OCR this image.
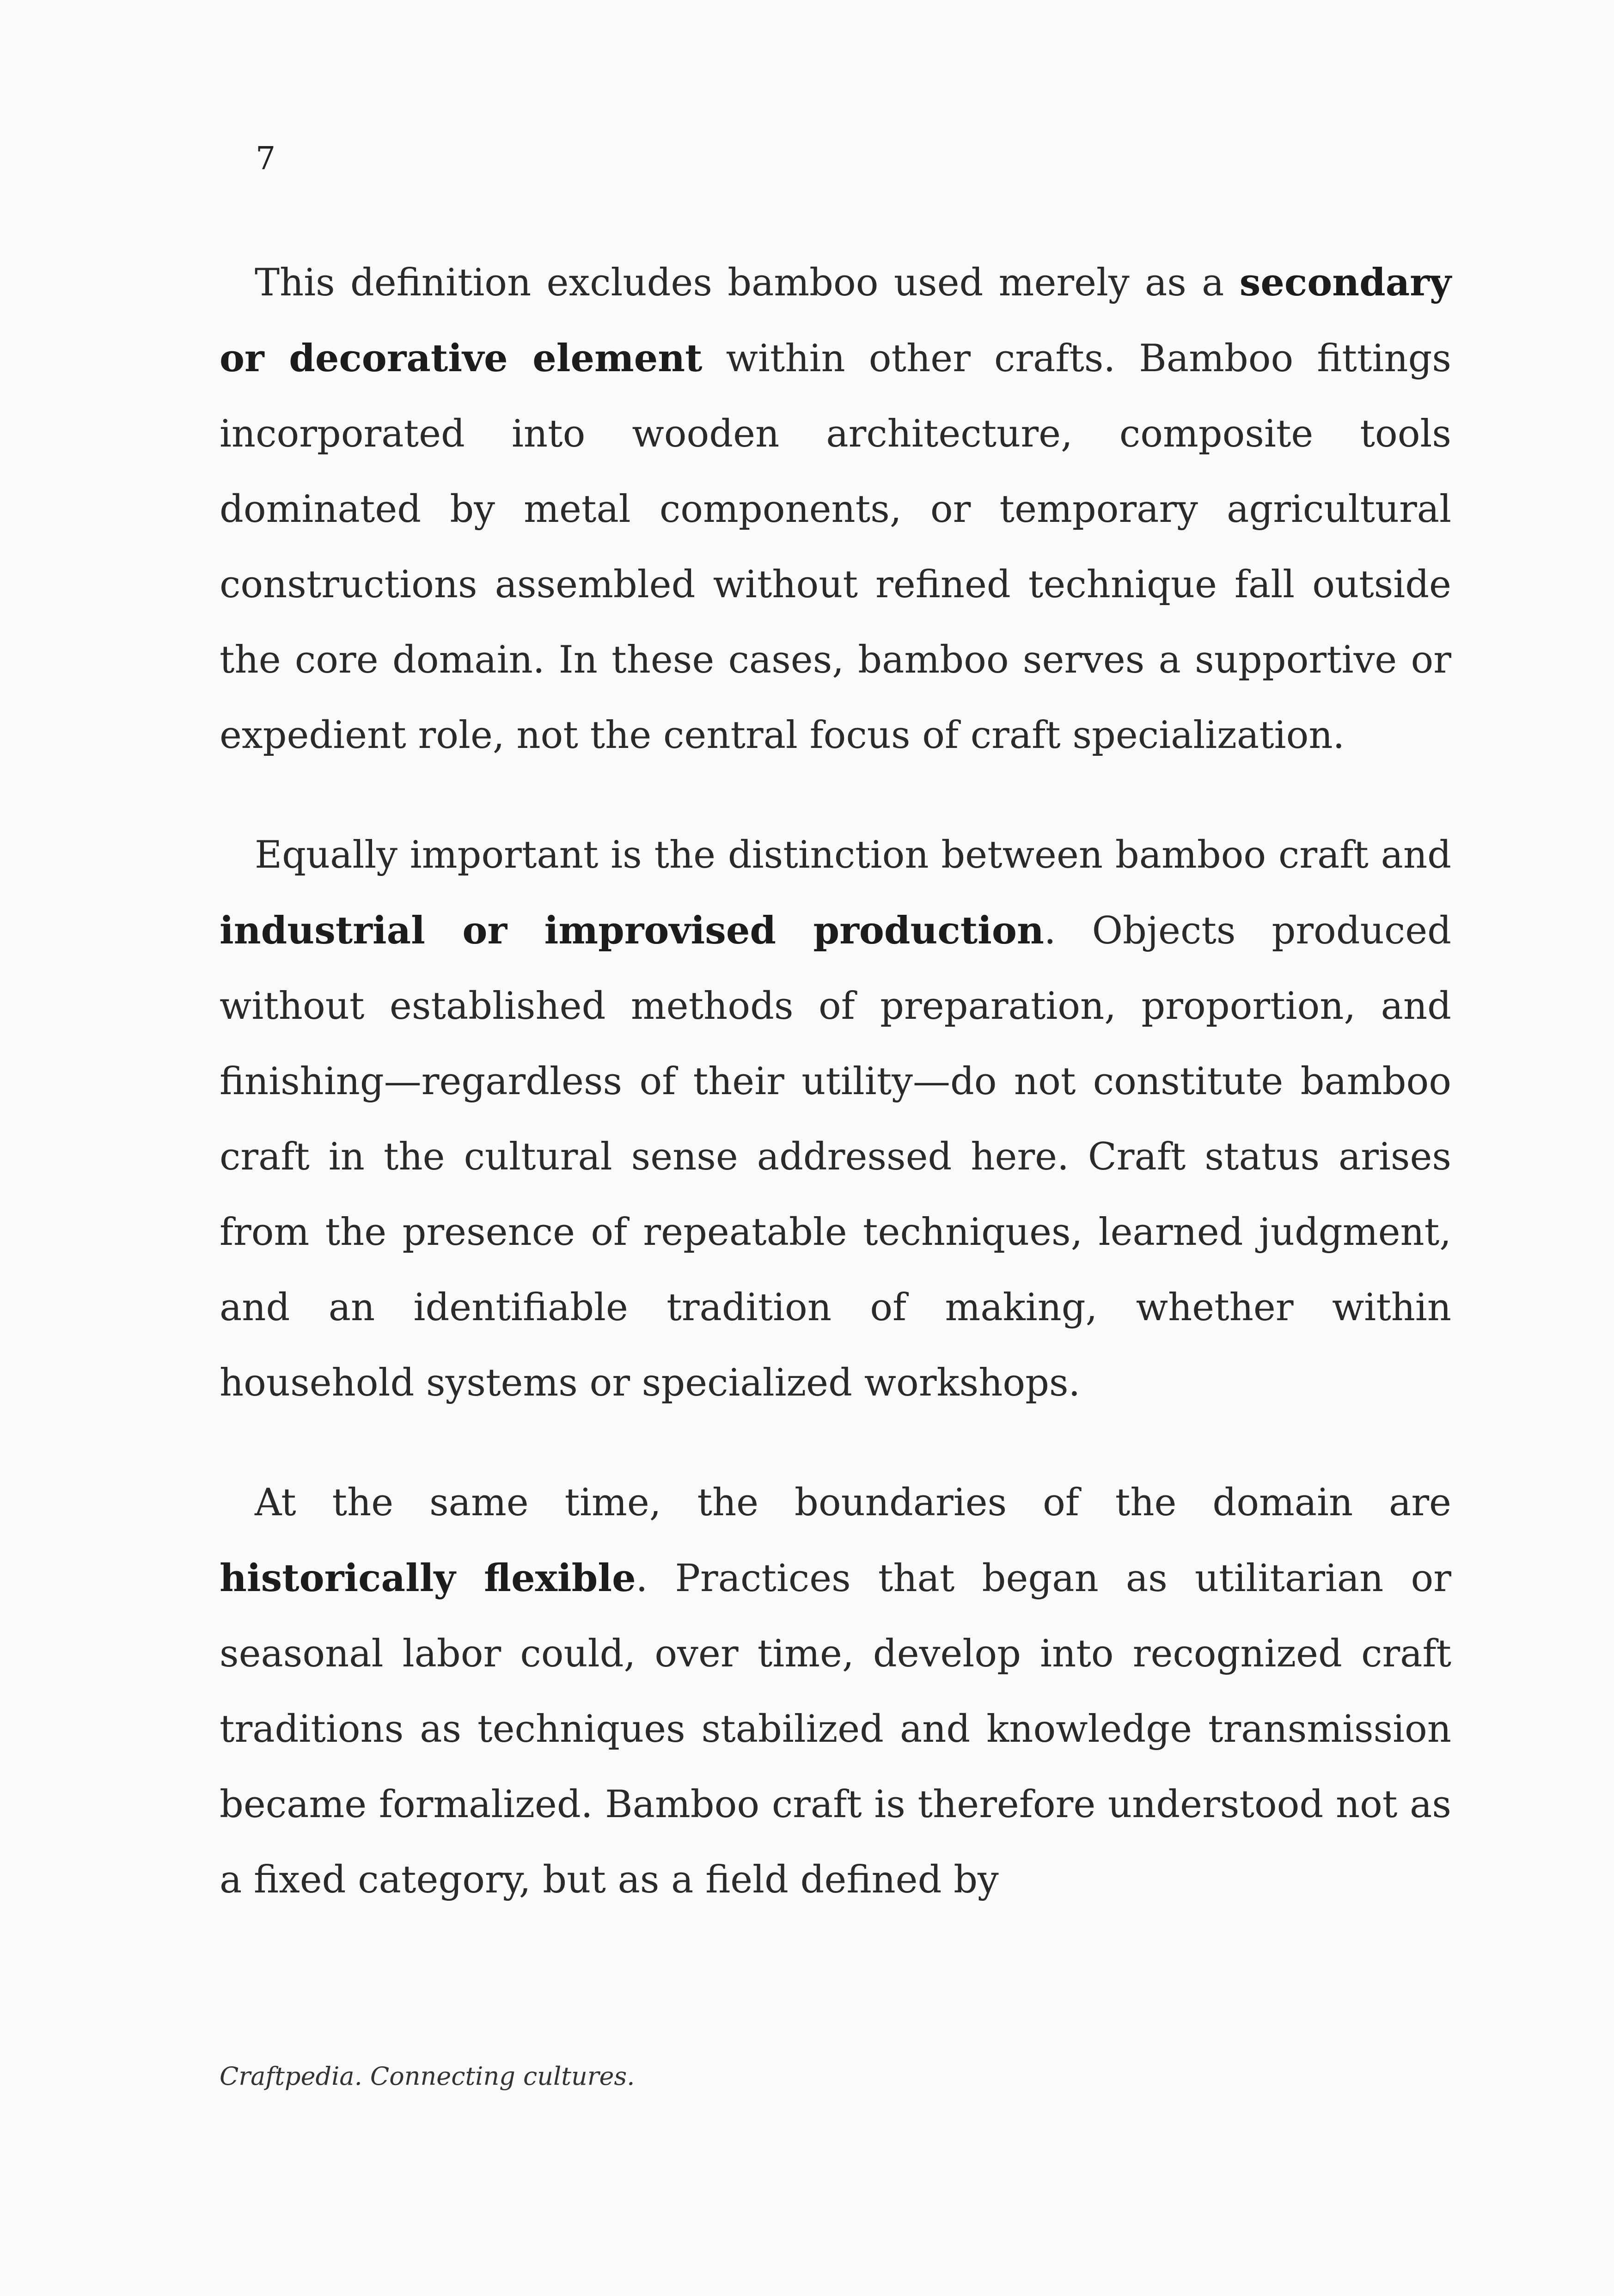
7

This definition excludes bamboo used merely as a secondary or decorative element within other crafts. Bamboo fittings incorporated into wooden architecture, composite tools dominated by metal components, or temporary agricultural constructions assembled without refined technique fall outside the core domain. In these cases, bamboo serves a supportive or expedient role, not the central focus of craft specialization.

Equally important is the distinction between bamboo craft and industrial or improvised production. Objects produced without established methods of preparation, proportion, and finishing—regardless of their utility—do not constitute bamboo craft in the cultural sense addressed here. Craft status arises from the presence of repeatable techniques, learned judgment, and an identifiable tradition of making, whether within household systems or specialized workshops.

At the same time, the boundaries of the domain are historically flexible. Practices that began as utilitarian or seasonal labor could, over time, develop into recognized craft traditions as techniques stabilized and knowledge transmission became formalized. Bamboo craft is therefore understood not as a fixed category, but as a field defined by

Craftpedia. Connecting cultures.
